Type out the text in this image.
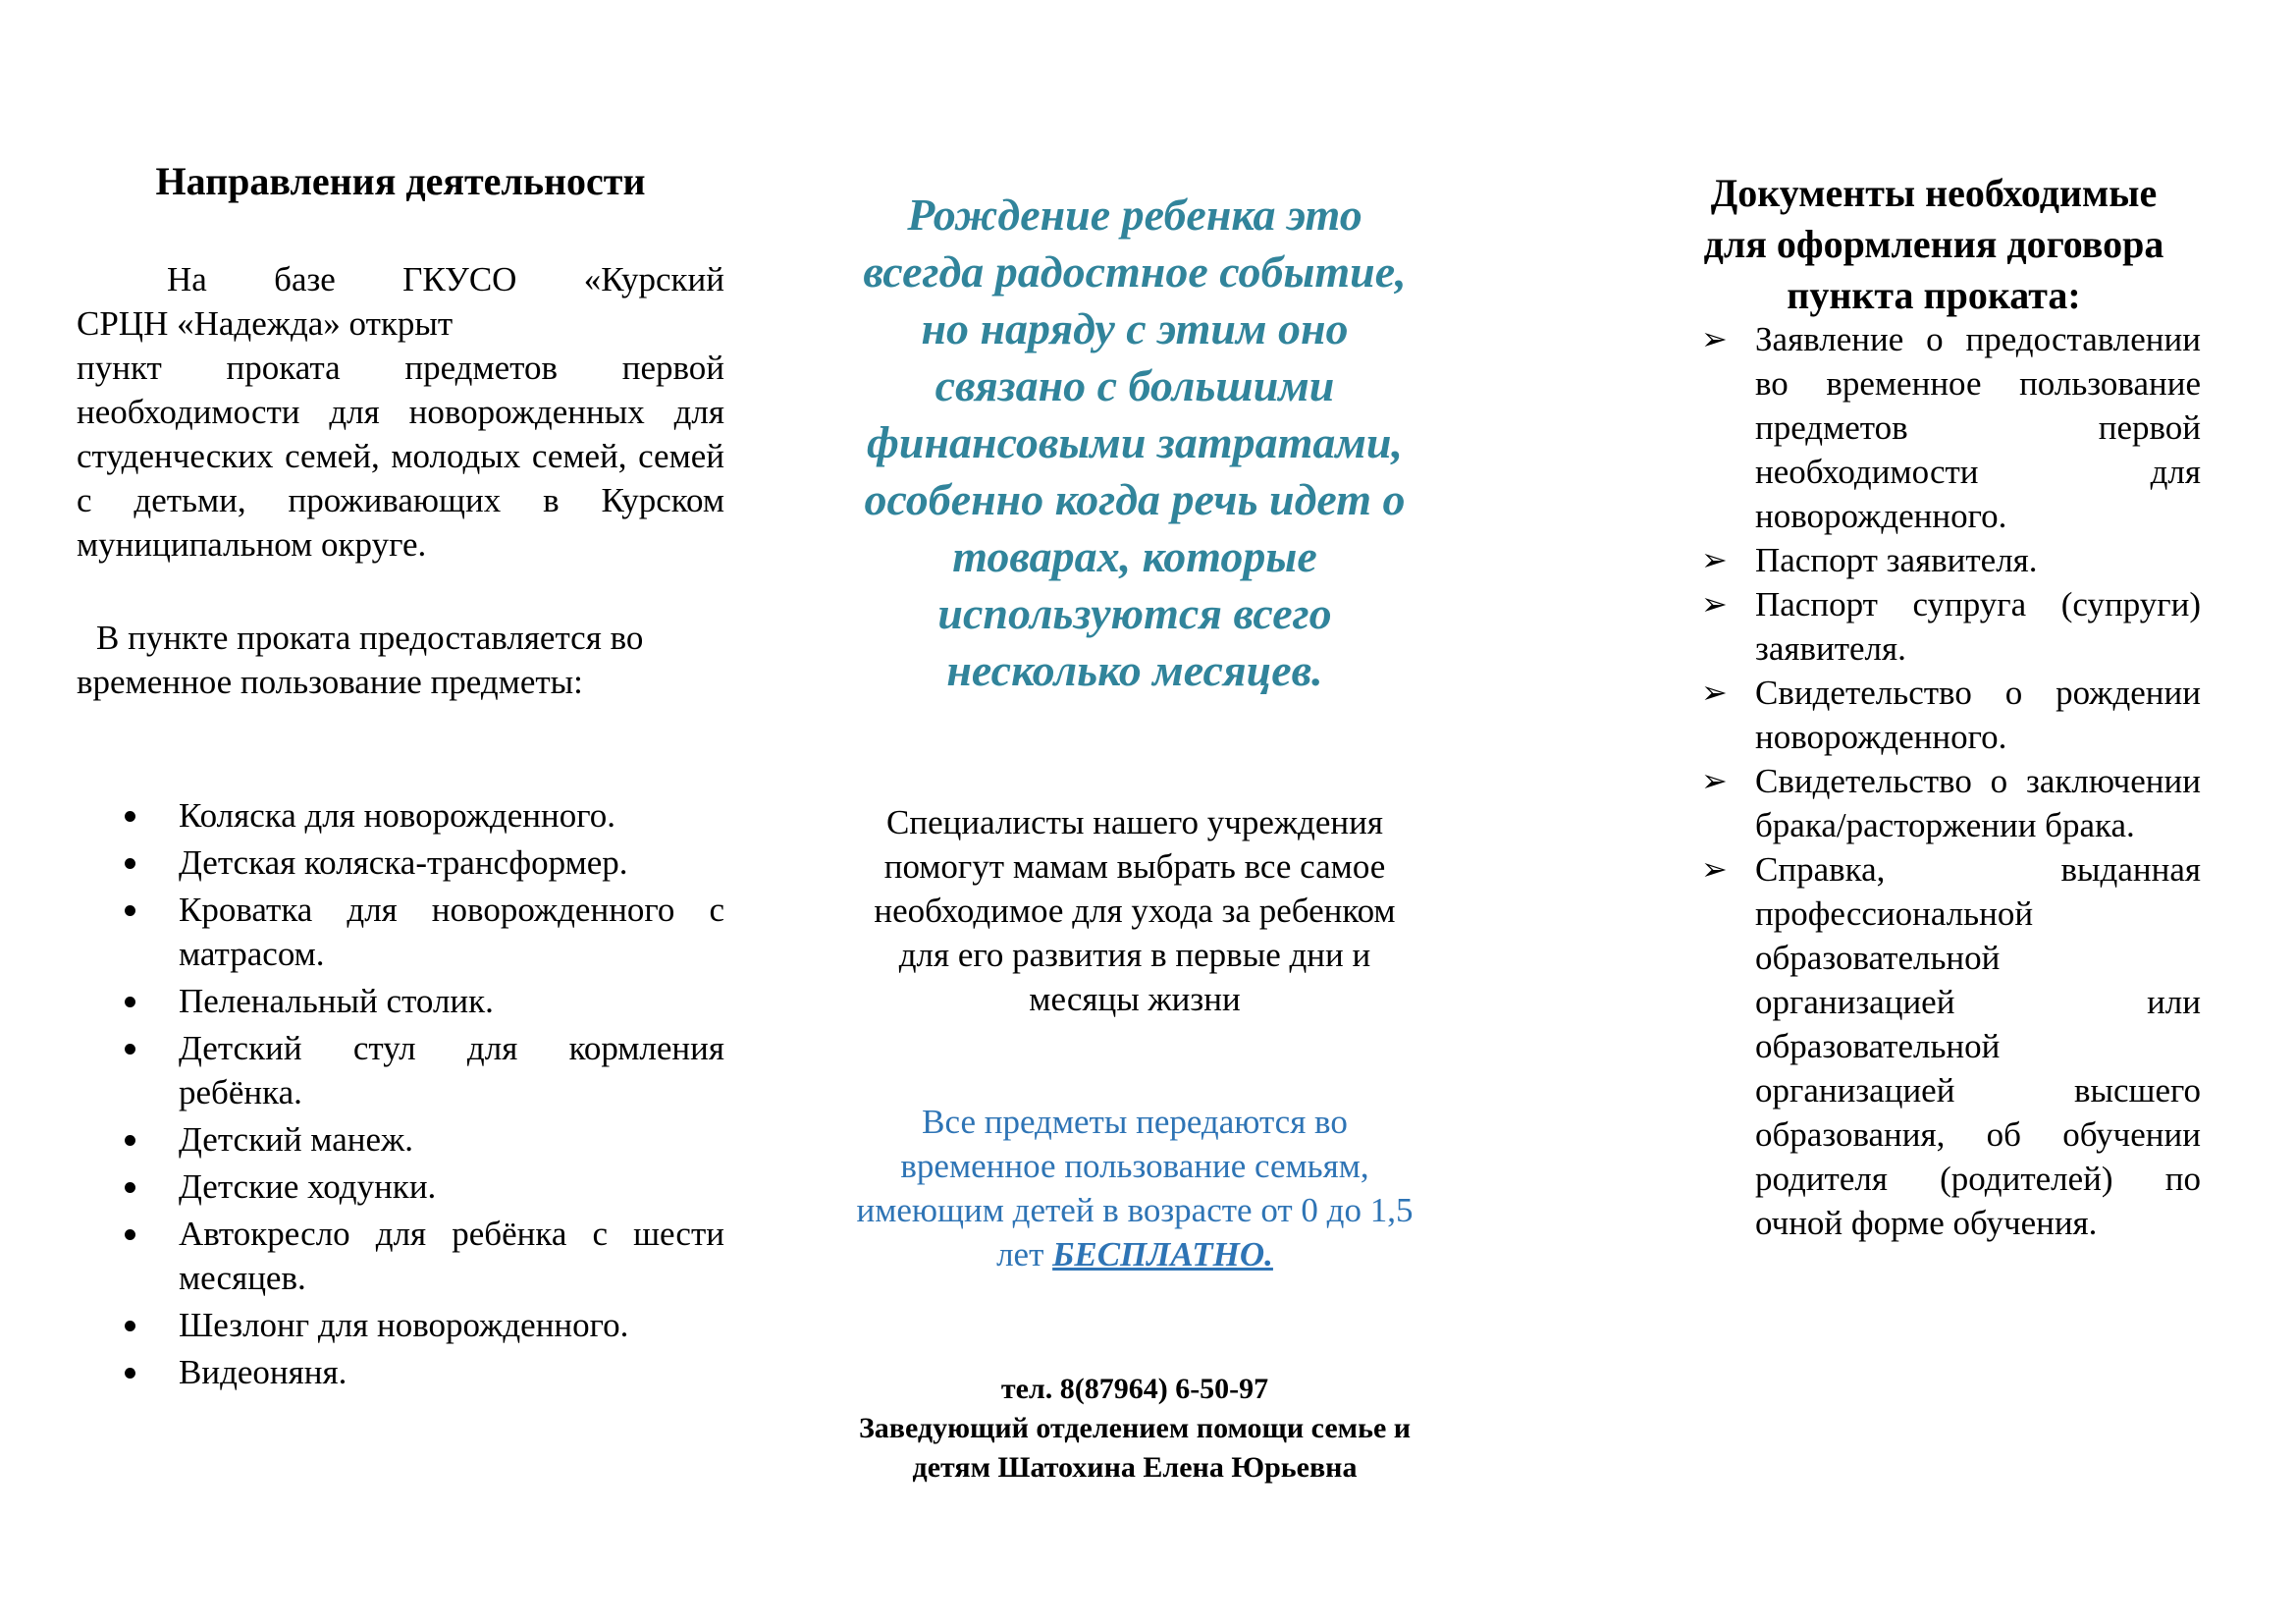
Направления деятельности

На базе ГКУСО «Курский
СРЦН «Надежда» открыт
пункт проката предметов первой необходимости для новорожденных для студенческих семей, молодых семей, семей с детьми, проживающих в Курском муниципальном округе.

В пункте проката предоставляется во
временное пользование предметы:

Коляска для новорожденного.
Детская коляска-трансформер.
Кроватка для новорожденного с матрасом.
Пеленальный столик.
Детский стул для кормления ребёнка.
Детский манеж.
Детские ходунки.
Автокресло для ребёнка с шести месяцев.
Шезлонг для новорожденного.
Видеоняня.

Рождение ребенка это
всегда радостное событие,
но наряду с этим оно
связано с большими
финансовыми затратами,
особенно когда речь идет о
товарах, которые
используются всего
несколько месяцев.

Специалисты нашего учреждения
помогут мамам выбрать все самое
необходимое для ухода за ребенком
для его развития в первые дни и
месяцы жизни

Все предметы передаются во
временное пользование семьям,
имеющим детей в возрасте от 0 до 1,5
лет БЕСПЛАТНО.

тел. 8(87964) 6-50-97
Заведующий отделением помощи семье и
детям Шатохина Елена Юрьевна

Документы необходимые
для оформления договора
пункта проката:
➢ Заявление о предоставлении во временное пользование предметов первой необходимости для новорожденного.
➢ Паспорт заявителя.
➢ Паспорт супруга (супруги) заявителя.
➢ Свидетельство о рождении новорожденного.
➢ Свидетельство о заключении брака/расторжении брака.
➢ Справка, выданная профессиональной образовательной организацией или образовательной организацией высшего образования, об обучении родителя (родителей) по очной форме обучения.
